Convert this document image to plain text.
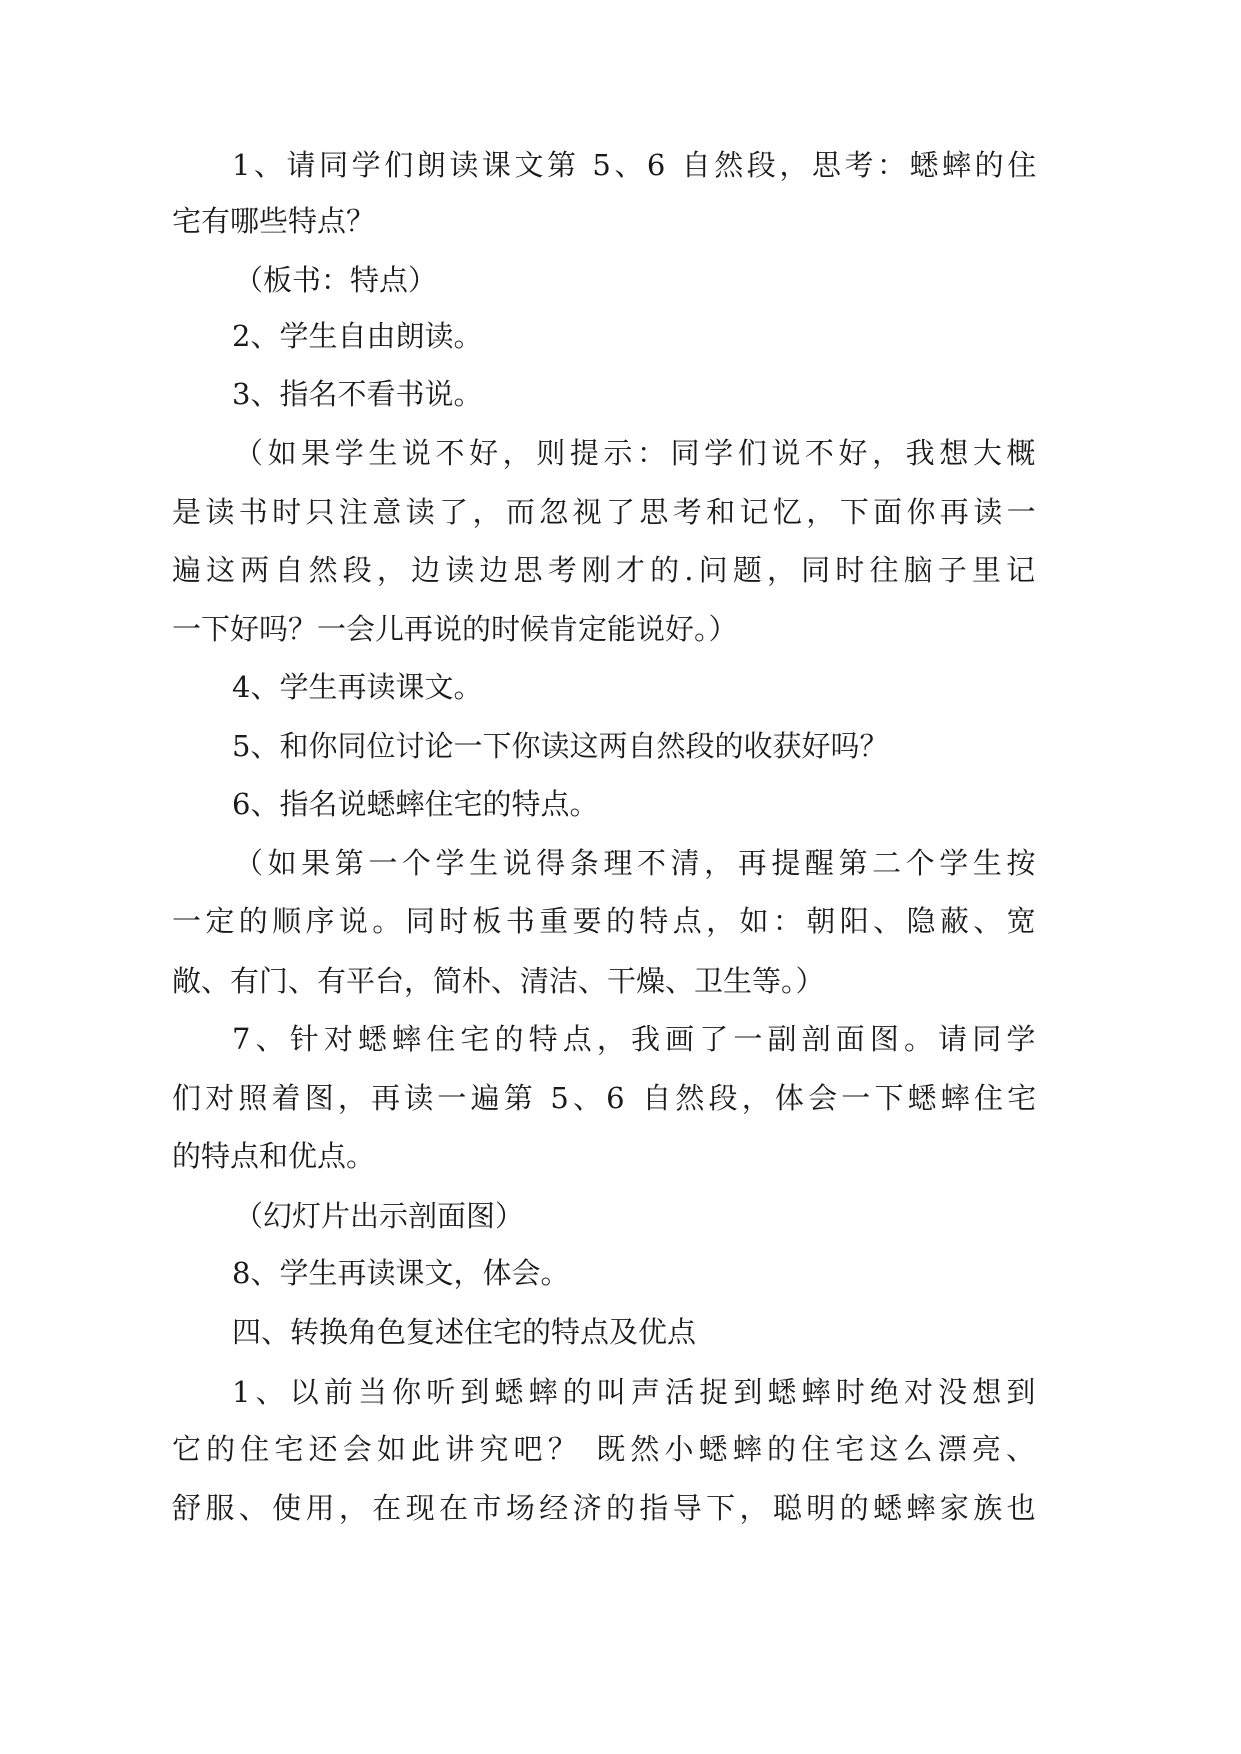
1、请同学们朗读课文第 5、6 自然段，思考：蟋蟀的住
宅有哪些特点？
（板书：特点）
2、学生自由朗读。
3、指名不看书说。
（如果学生说不好，则提示：同学们说不好，我想大概
是读书时只注意读了，而忽视了思考和记忆，下面你再读一
遍这两自然段，边读边思考刚才的.问题，同时往脑子里记
一下好吗？一会儿再说的时候肯定能说好。）
4、学生再读课文。
5、和你同位讨论一下你读这两自然段的收获好吗？
6、指名说蟋蟀住宅的特点。
（如果第一个学生说得条理不清，再提醒第二个学生按
一定的顺序说。同时板书重要的特点，如：朝阳、隐蔽、宽
敞、有门、有平台，简朴、清洁、干燥、卫生等。）
7、针对蟋蟀住宅的特点，我画了一副剖面图。请同学
们对照着图，再读一遍第 5、6 自然段，体会一下蟋蟀住宅
的特点和优点。
（幻灯片出示剖面图）
8、学生再读课文，体会。
四、转换角色复述住宅的特点及优点
1、以前当你听到蟋蟀的叫声活捉到蟋蟀时绝对没想到
它的住宅还会如此讲究吧？ 既然小蟋蟀的住宅这么漂亮、
舒服、使用，在现在市场经济的指导下，聪明的蟋蟀家族也
